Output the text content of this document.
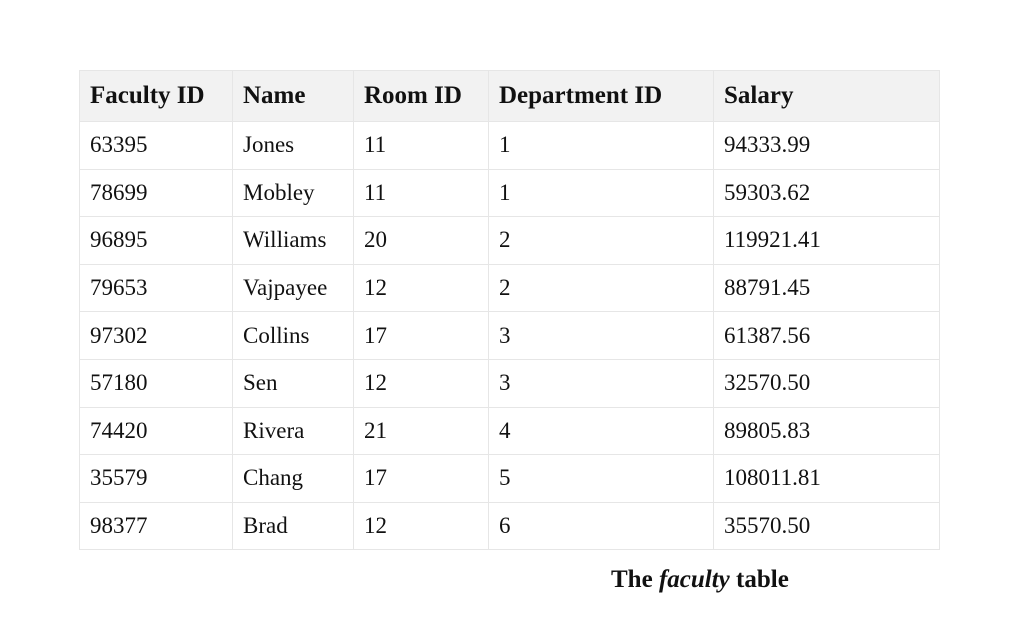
Faculty ID	Name	Room ID	Department ID	Salary
63395	Jones	11	1	94333.99
78699	Mobley	11	1	59303.62
96895	Williams	20	2	119921.41
79653	Vajpayee	12	2	88791.45
97302	Collins	17	3	61387.56
57180	Sen	12	3	32570.50
74420	Rivera	21	4	89805.83
35579	Chang	17	5	108011.81
98377	Brad	12	6	35570.50
The faculty table
